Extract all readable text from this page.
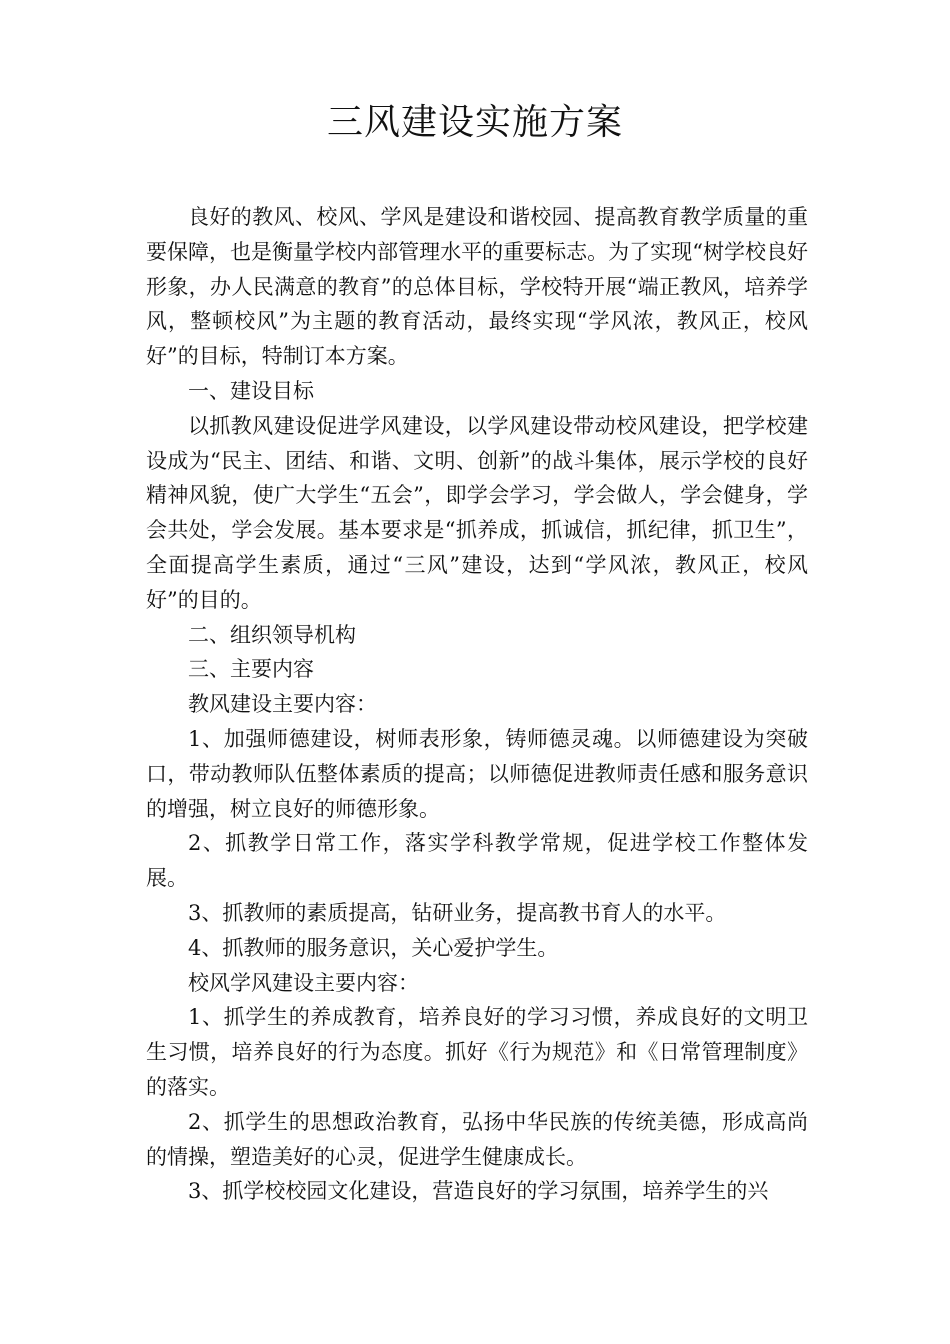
三风建设实施方案

良好的教风、校风、学风是建设和谐校园、提高教育教学质量的重要保障，也是衡量学校内部管理水平的重要标志。为了实现“树学校良好形象，办人民满意的教育”的总体目标，学校特开展“端正教风，培养学风，整顿校风”为主题的教育活动，最终实现“学风浓，教风正，校风好”的目标，特制订本方案。

一、建设目标

以抓教风建设促进学风建设，以学风建设带动校风建设，把学校建设成为“民主、团结、和谐、文明、创新”的战斗集体，展示学校的良好精神风貌，使广大学生“五会”，即学会学习，学会做人，学会健身，学会共处，学会发展。基本要求是“抓养成，抓诚信，抓纪律，抓卫生”，全面提高学生素质，通过“三风”建设，达到“学风浓，教风正，校风好”的目的。

二、组织领导机构

三、主要内容

教风建设主要内容：

1、加强师德建设，树师表形象，铸师德灵魂。以师德建设为突破口，带动教师队伍整体素质的提高；以师德促进教师责任感和服务意识的增强，树立良好的师德形象。

2、抓教学日常工作，落实学科教学常规，促进学校工作整体发展。

3、抓教师的素质提高，钻研业务，提高教书育人的水平。

4、抓教师的服务意识，关心爱护学生。

校风学风建设主要内容：

1、抓学生的养成教育，培养良好的学习习惯，养成良好的文明卫生习惯，培养良好的行为态度。抓好《行为规范》和《日常管理制度》的落实。

2、抓学生的思想政治教育，弘扬中华民族的传统美德，形成高尚的情操，塑造美好的心灵，促进学生健康成长。

3、抓学校校园文化建设，营造良好的学习氛围，培养学生的兴
